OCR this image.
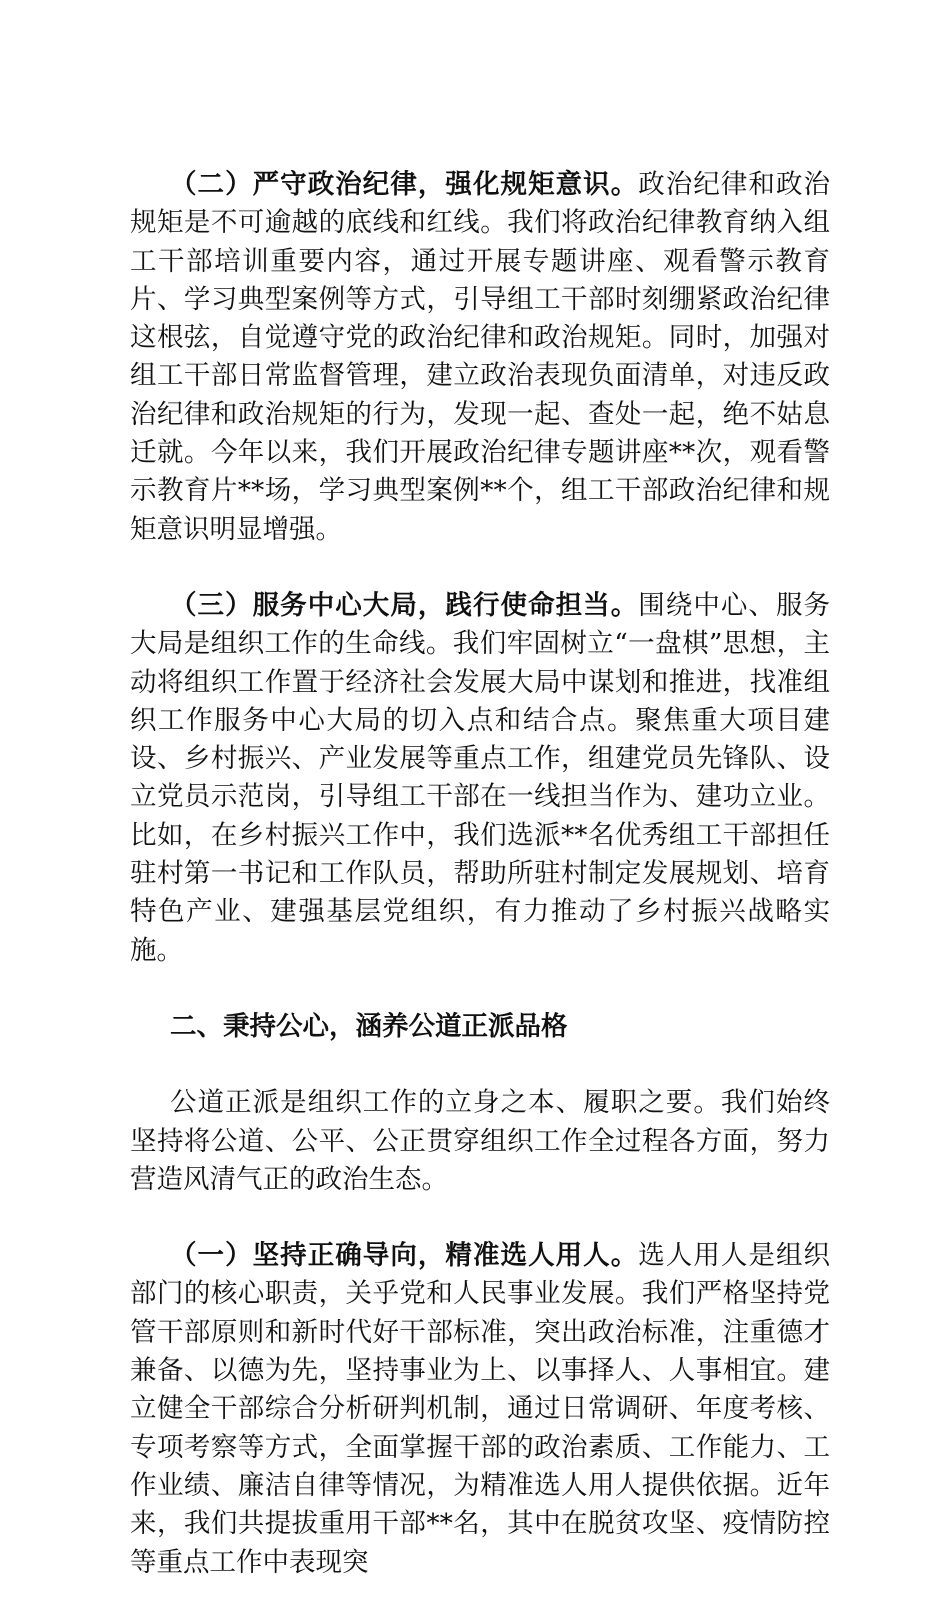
（二）严守政治纪律，强化规矩意识。政治纪律和政治规矩是不可逾越的底线和红线。我们将政治纪律教育纳入组工干部培训重要内容，通过开展专题讲座、观看警示教育片、学习典型案例等方式，引导组工干部时刻绷紧政治纪律这根弦，自觉遵守党的政治纪律和政治规矩。同时，加强对组工干部日常监督管理，建立政治表现负面清单，对违反政治纪律和政治规矩的行为，发现一起、查处一起，绝不姑息迁就。今年以来，我们开展政治纪律专题讲座**次，观看警示教育片**场，学习典型案例**个，组工干部政治纪律和规矩意识明显增强。

（三）服务中心大局，践行使命担当。围绕中心、服务大局是组织工作的生命线。我们牢固树立“一盘棋”思想，主动将组织工作置于经济社会发展大局中谋划和推进，找准组织工作服务中心大局的切入点和结合点。聚焦重大项目建设、乡村振兴、产业发展等重点工作，组建党员先锋队、设立党员示范岗，引导组工干部在一线担当作为、建功立业。比如，在乡村振兴工作中，我们选派**名优秀组工干部担任驻村第一书记和工作队员，帮助所驻村制定发展规划、培育特色产业、建强基层党组织，有力推动了乡村振兴战略实施。

二、秉持公心，涵养公道正派品格

公道正派是组织工作的立身之本、履职之要。我们始终坚持将公道、公平、公正贯穿组织工作全过程各方面，努力营造风清气正的政治生态。

（一）坚持正确导向，精准选人用人。选人用人是组织部门的核心职责，关乎党和人民事业发展。我们严格坚持党管干部原则和新时代好干部标准，突出政治标准，注重德才兼备、以德为先，坚持事业为上、以事择人、人事相宜。建立健全干部综合分析研判机制，通过日常调研、年度考核、专项考察等方式，全面掌握干部的政治素质、工作能力、工作业绩、廉洁自律等情况，为精准选人用人提供依据。近年来，我们共提拔重用干部**名，其中在脱贫攻坚、疫情防控等重点工作中表现突
